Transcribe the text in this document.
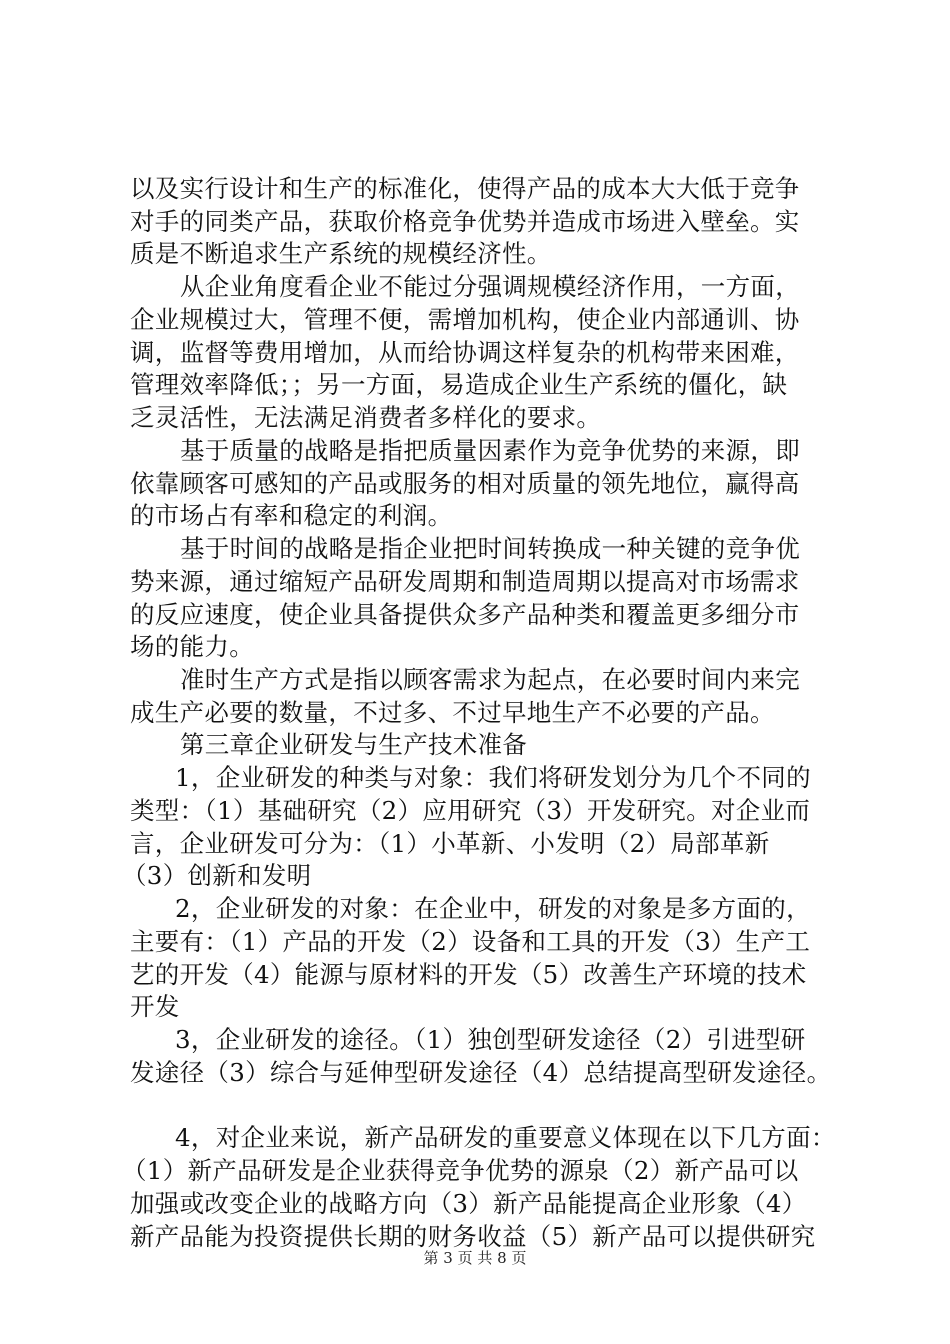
以及实行设计和生产的标准化，使得产品的成本大大低于竞争
对手的同类产品，获取价格竞争优势并造成市场进入壁垒。实
质是不断追求生产系统的规模经济性。
从企业角度看企业不能过分强调规模经济作用，一方面，
企业规模过大，管理不便，需增加机构，使企业内部通训、协
调，监督等费用增加，从而给协调这样复杂的机构带来困难，
管理效率降低；；另一方面，易造成企业生产系统的僵化，缺
乏灵活性，无法满足消费者多样化的要求。
基于质量的战略是指把质量因素作为竞争优势的来源，即
依靠顾客可感知的产品或服务的相对质量的领先地位，赢得高
的市场占有率和稳定的利润。
基于时间的战略是指企业把时间转换成一种关键的竞争优
势来源，通过缩短产品研发周期和制造周期以提高对市场需求
的反应速度，使企业具备提供众多产品种类和覆盖更多细分市
场的能力。
准时生产方式是指以顾客需求为起点，在必要时间内来完
成生产必要的数量，不过多、不过早地生产不必要的产品。
第三章企业研发与生产技术准备
1，企业研发的种类与对象：我们将研发划分为几个不同的
类型：（1）基础研究（2）应用研究（3）开发研究。对企业而
言，企业研发可分为：（1）小革新、小发明（2）局部革新
（3）创新和发明
2，企业研发的对象：在企业中，研发的对象是多方面的，
主要有：（1）产品的开发（2）设备和工具的开发（3）生产工
艺的开发（4）能源与原材料的开发（5）改善生产环境的技术
开发
3，企业研发的途径。（1）独创型研发途径（2）引进型研
发途径（3）综合与延伸型研发途径（4）总结提高型研发途径。
4，对企业来说，新产品研发的重要意义体现在以下几方面：
（1）新产品研发是企业获得竞争优势的源泉（2）新产品可以
加强或改变企业的战略方向（3）新产品能提高企业形象（4）
新产品能为投资提供长期的财务收益（5）新产品可以提供研究
第 3 页 共 8 页
